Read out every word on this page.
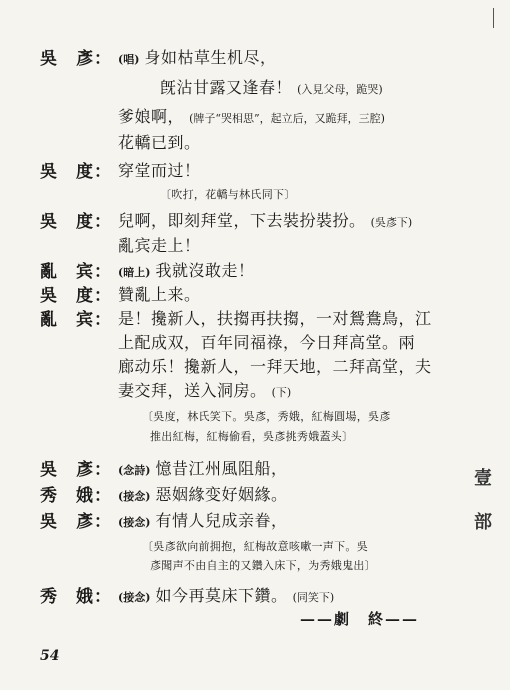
吳　彥： (唱) 身如枯草生机尽，
旣沾甘露又逢春！ (入見父母，跪哭)
爹娘啊， (牌子“哭相思”，起立后，又跪拜，三腔)
花轎已到。
吳　度： 穿堂而过！
〔吹打，花轎与林氏同下〕
吳　度： 兒啊，即刻拜堂，下去裝扮裝扮。 (吳彥下)
亂宾走上！
亂　宾： (暗上) 我就沒敢走！
吳　度： 贊亂上来。
亂　宾： 是！攙新人，扶搊再扶搊，一对鴛鴦鳥，江
上配成双，百年同福祿，今日拜高堂。兩
廊动乐！攙新人，一拜天地，二拜高堂，夫
妻交拜，送入洞房。 (下)
〔吳度，林氏笑下。吳彥，秀娥，紅梅圓場，吳彥
推出紅梅，紅梅偷看，吳彥挑秀娥蓋头〕
吳　彥： (念詩) 憶昔江州風阻船，
秀　娥： (接念) 惡姻緣变好姻緣。
吳　彥： (接念) 有情人兒成亲眷，
〔吳彥欲向前拥抱，紅梅故意咳嗽一声下。吳
彥聞声不由自主的又鑽入床下，为秀娥鬼出〕
秀　娥： (接念) 如今再莫床下鑽。 (同笑下)
——劇　終——
54
壹
部
